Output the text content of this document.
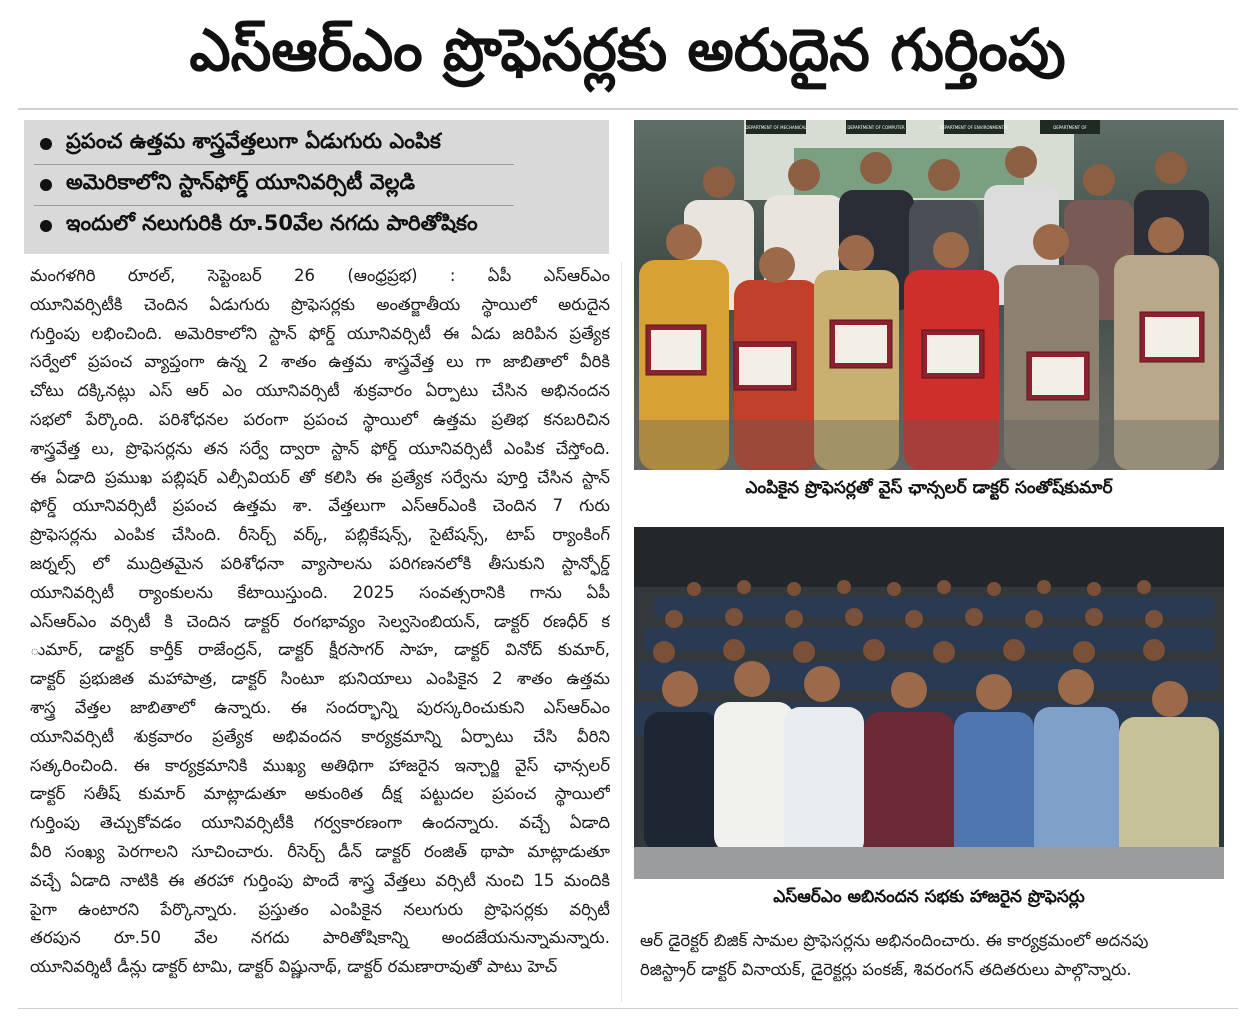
ఎస్ఆర్ఎం ప్రొఫెసర్లకు అరుదైన గుర్తింపు
ప్రపంచ ఉత్తమ శాస్త్రవేత్తలుగా ఏడుగురు ఎంపిక
అమెరికాలోని స్టాన్‌ఫోర్డ్ యూనివర్సిటీ వెల్లడి
ఇందులో నలుగురికి రూ.50వేల నగదు పారితోషికం
మంగళగిరి రూరల్, సెప్టెంబర్ 26 (ఆంధ్రప్రభ) : ఏపీ ఎస్ఆర్ఎం
యూనివర్సిటీకి చెందిన ఏడుగురు ప్రొఫెసర్లకు అంతర్జాతీయ స్థాయిలో అరుదైన
గుర్తింపు లభించింది. అమెరికాలోని స్టాన్ ఫోర్డ్ యూనివర్సిటీ ఈ ఏడు జరిపిన ప్రత్యేక
సర్వేలో ప్రపంచ వ్యాప్తంగా ఉన్న 2 శాతం ఉత్తమ శాస్త్రవేత్త లు గా జాబితాలో వీరికి
చోటు దక్కినట్లు ఎస్ ఆర్ ఎం యూనివర్సిటీ శుక్రవారం ఏర్పాటు చేసిన అభినందన
సభలో పేర్కొంది. పరిశోధనల పరంగా ప్రపంచ స్థాయిలో ఉత్తమ ప్రతిభ కనబరిచిన
శాస్త్రవేత్త లు, ప్రొఫెసర్లను తన సర్వే ద్వారా స్టాన్ ఫోర్డ్ యూనివర్సిటీ ఎంపిక చేస్తోంది.
ఈ ఏడాది ప్రముఖ పబ్లిషర్ ఎల్సీవియర్ తో కలిసి ఈ ప్రత్యేక సర్వేను పూర్తి చేసిన స్టాన్
ఫోర్డ్ యూనివర్సిటీ ప్రపంచ ఉత్తమ శా. వేత్తలుగా ఎస్ఆర్ఎంకి చెందిన 7 గురు
ప్రొఫెసర్లను ఎంపిక చేసింది. రీసెర్చ్ వర్క్, పబ్లికేషన్స్, సైటేషన్స్, టాప్ ర్యాంకింగ్
జర్నల్స్ లో ముద్రితమైన పరిశోధనా వ్యాసాలను పరిగణనలోకి తీసుకుని స్టాన్ఫోర్డ్
యూనివర్సిటీ ర్యాంకులను కేటాయిస్తుంది. 2025 సంవత్సరానికి గాను ఏపీ
ఎస్ఆర్ఎం వర్సిటీ కి చెందిన డాక్టర్ రంగభావ్యం సెల్వసెంబియన్, డాక్టర్ రణధీర్ క
ుమార్, డాక్టర్ కార్తీక్ రాజేంద్రన్, డాక్టర్ క్షీరసాగర్ సాహ, డాక్టర్ వినోద్ కుమార్,
డాక్టర్ ప్రభుజిత మహాపాత్ర, డాక్టర్ సింటూ భునియాలు ఎంపికైన 2 శాతం ఉత్తమ
శాస్త్ర వేత్తల జాబితాలో ఉన్నారు. ఈ సందర్భాన్ని పురస్కరించుకుని ఎస్ఆర్ఎం
యూనివర్సిటీ శుక్రవారం ప్రత్యేక అభివందన కార్యక్రమాన్ని ఏర్పాటు చేసి వీరిని
సత్కరించింది. ఈ కార్యక్రమానికి ముఖ్య అతిథిగా హాజరైన ఇన్చార్జి వైస్ ఛాన్సలర్
డాక్టర్ సతీష్ కుమార్ మాట్లాడుతూ అకుంఠిత దీక్ష పట్టుదల ప్రపంచ స్థాయిలో
గుర్తింపు తెచ్చుకోవడం యూనివర్సిటీకి గర్వకారణంగా ఉందన్నారు. వచ్చే ఏడాది
వీరి సంఖ్య పెరగాలని సూచించారు. రీసెర్చ్ డీన్ డాక్టర్ రంజిత్ థాపా మాట్లాడుతూ
వచ్చే ఏడాది నాటికి ఈ తరహా గుర్తింపు పొందే శాస్త్ర వేత్తలు వర్సిటీ నుంచి 15 మందికి
పైగా ఉంటారని పేర్కొన్నారు. ప్రస్తుతం ఎంపికైన నలుగురు ప్రొఫెసర్లకు వర్సిటీ
తరపున రూ.50 వేల నగదు పారితోషికాన్ని అందజేయనున్నామన్నారు.
యూనివర్శిటీ డీన్లు డాక్టర్ టామి, డాక్టర్ విష్ణునాథ్, డాక్టర్ రమణారావుతో పాటు హెచ్
DEPARTMENT OF MECHANICAL	DEPARTMENT OF COMPUTER	DEPARTMENT OF ENVIRONMENTAL	DEPARTMENT OF
ఎంపికైన ప్రొఫెసర్లతో వైస్ ఛాన్సలర్ డాక్టర్ సంతోష్‌కుమార్
ఎస్ఆర్ఎం అబినందన సభకు హాజరైన ప్రొఫెసర్లు
ఆర్ డైరెక్టర్ బిజిక్ సామల ప్రొఫెసర్లను అభినందించారు. ఈ కార్యక్రమంలో అదనపు
రిజిస్ట్రార్ డాక్టర్ వినాయక్, డైరెక్టర్లు పంకజ్, శివరంగన్ తదితరులు పాల్గొన్నారు.
